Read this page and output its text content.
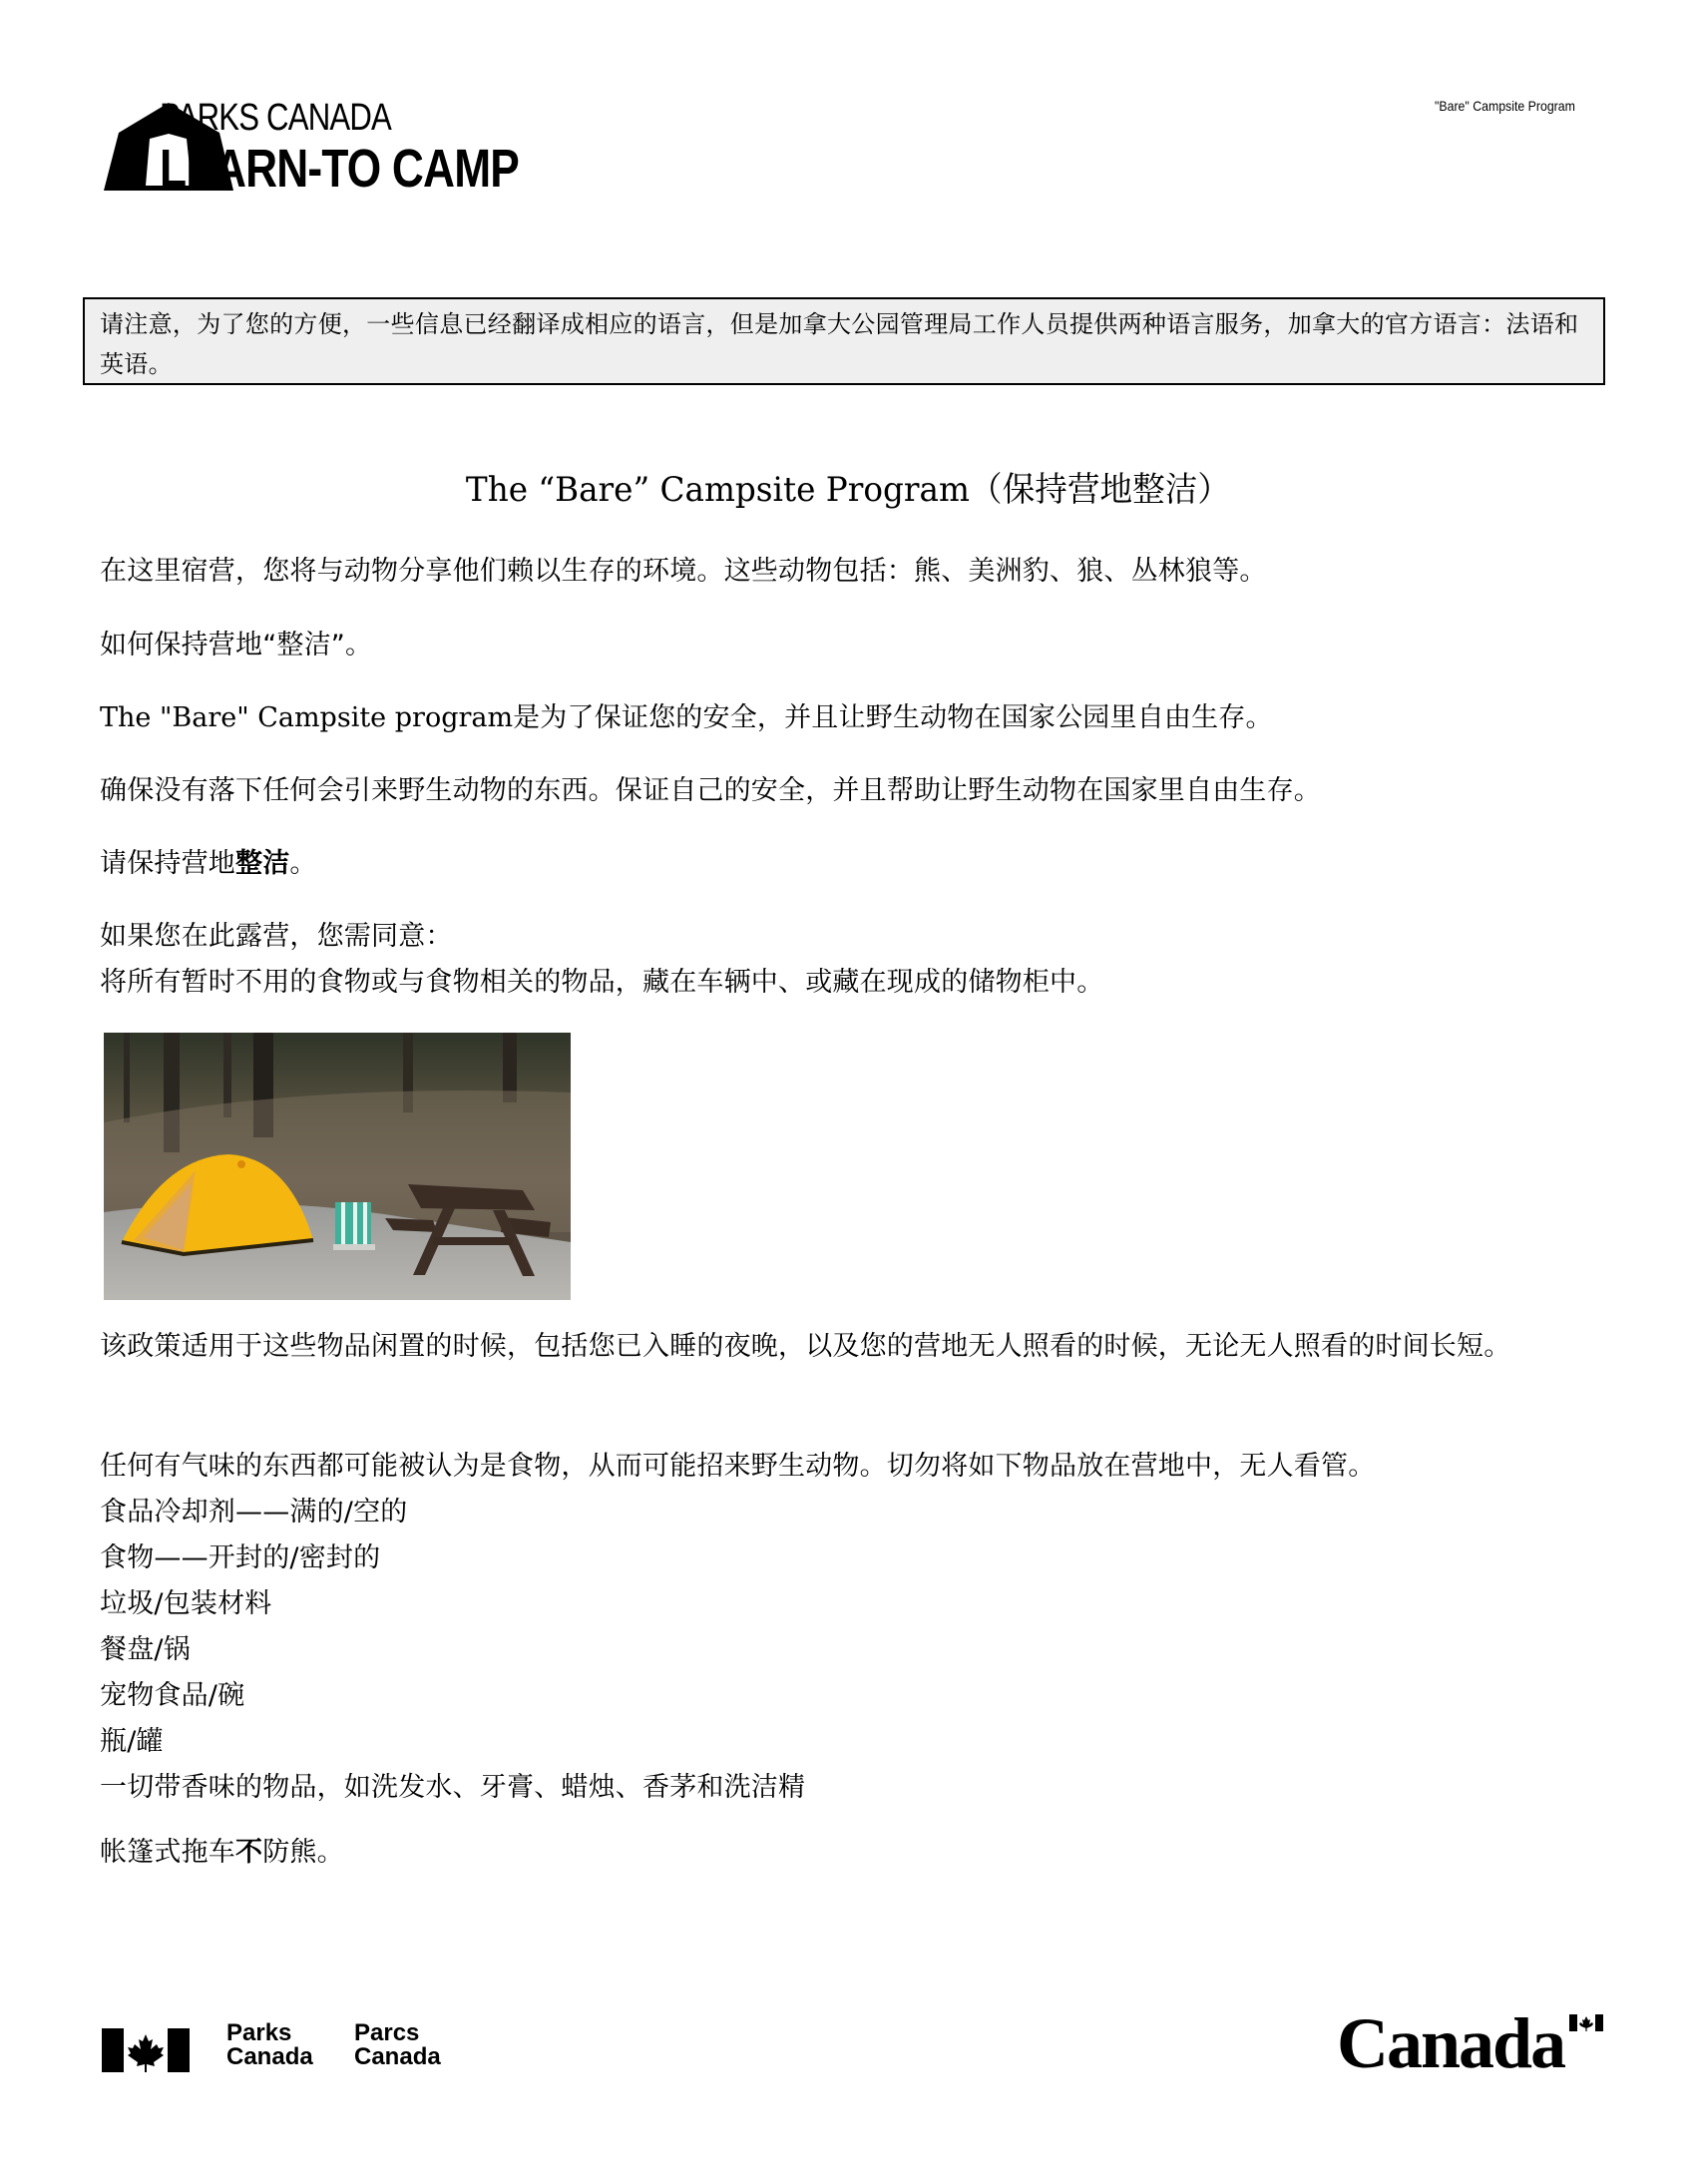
PARKS CANADA
LEARN-TO CAMP
"Bare" Campsite Program
请注意，为了您的方便，一些信息已经翻译成相应的语言，但是加拿大公园管理局工作人员提供两种语言服务，加拿大的官方语言：法语和英语。
The “Bare” Campsite Program（保持营地整洁）
在这里宿营，您将与动物分享他们赖以生存的环境。这些动物包括：熊、美洲豹、狼、丛林狼等。
如何保持营地“整洁”。
The "Bare" Campsite program是为了保证您的安全，并且让野生动物在国家公园里自由生存。
确保没有落下任何会引来野生动物的东西。保证自己的安全，并且帮助让野生动物在国家里自由生存。
请保持营地整洁。
如果您在此露营，您需同意：
将所有暂时不用的食物或与食物相关的物品，藏在车辆中、或藏在现成的储物柜中。
该政策适用于这些物品闲置的时候，包括您已入睡的夜晚，以及您的营地无人照看的时候，无论无人照看的时间长短。
任何有气味的东西都可能被认为是食物，从而可能招来野生动物。切勿将如下物品放在营地中，无人看管。
食品冷却剂——满的/空的
食物——开封的/密封的
垃圾/包装材料
餐盘/锅
宠物食品/碗
瓶/罐
一切带香味的物品，如洗发水、牙膏、蜡烛、香茅和洗洁精
帐篷式拖车不防熊。
Parks
Canada
Parcs
Canada	Canada
